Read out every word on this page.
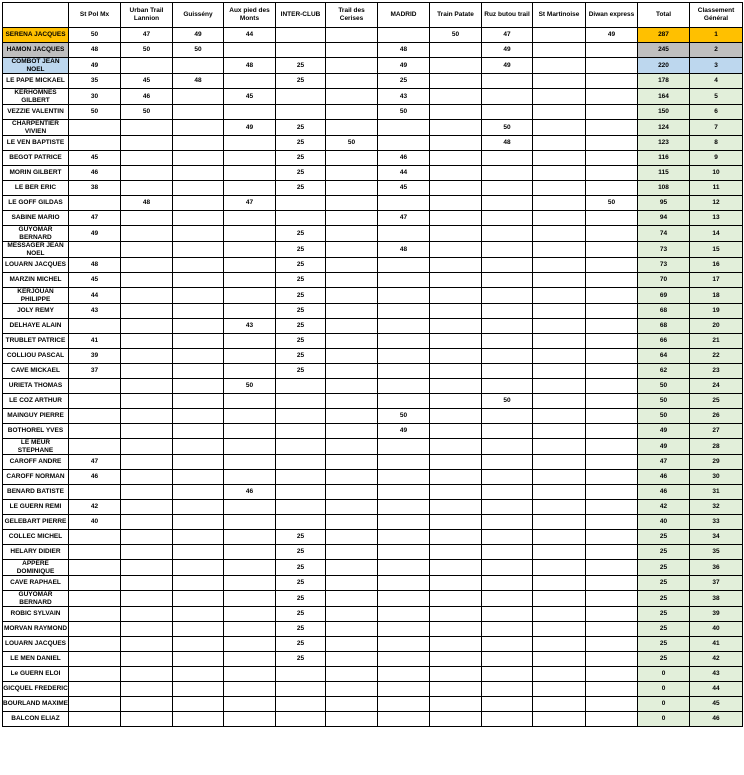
	St Pol Mx	Urban Trail Lannion	Guissény	Aux pied des Monts	INTER-CLUB	Trail des Cerises	MADRID	Train Patate	Ruz butou trail	St Martinoise	Diwan express	Total	Classement Général
SERENA JACQUES	50	47	49	44				50	47		49	287	1
HAMON JACQUES	48	50	50				48		49			245	2
COMBOT JEAN NOEL	49			48	25		49		49			220	3
LE PAPE MICKAEL	35	45	48		25		25					178	4
KERHOMNES GILBERT	30	46		45			43					164	5
VEZZIE VALENTIN	50	50					50					150	6
CHARPENTIER VIVIEN				49	25				50			124	7
LE VEN BAPTISTE					25	50			48			123	8
BEGOT PATRICE	45				25		46					116	9
MORIN GILBERT	46				25		44					115	10
LE BER ERIC	38				25		45					108	11
LE GOFF GILDAS		48		47							50	95	12
SABINE MARIO	47						47					94	13
GUYOMAR BERNARD	49				25							74	14
MESSAGER JEAN NOEL					25		48					73	15
LOUARN JACQUES	48				25							73	16
MARZIN MICHEL	45				25							70	17
KERJOUAN PHILIPPE	44				25							69	18
JOLY REMY	43				25							68	19
DELHAYE ALAIN				43	25							68	20
TRUBLET PATRICE	41				25							66	21
COLLIOU PASCAL	39				25							64	22
CAVE MICKAEL	37				25							62	23
URIETA THOMAS				50								50	24
LE COZ ARTHUR									50			50	25
MAINGUY PIERRE							50					50	26
BOTHOREL YVES							49					49	27
LE MEUR STEPHANE												49	28
CAROFF ANDRE	47											47	29
CAROFF NORMAN	46											46	30
BENARD BATISTE				46								46	31
LE GUERN REMI	42											42	32
GELEBART PIERRE	40											40	33
COLLEC MICHEL					25							25	34
HELARY DIDIER					25							25	35
APPERE DOMINIQUE					25							25	36
CAVE RAPHAEL					25							25	37
GUYOMAR BERNARD					25							25	38
ROBIC SYLVAIN					25							25	39
MORVAN RAYMOND					25							25	40
LOUARN JACQUES					25							25	41
LE MEN DANIEL					25							25	42
Le GUERN ELOI												0	43
GICQUEL FREDERIC												0	44
BOURLAND MAXIME												0	45
BALCON ELIAZ												0	46
